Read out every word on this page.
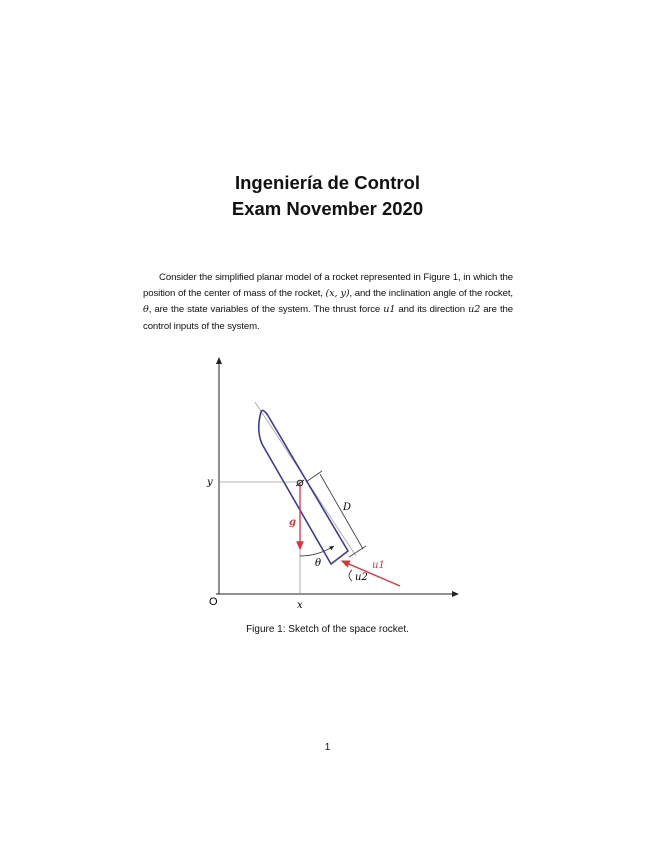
Ingeniería de Control
Exam November 2020
Consider the simplified planar model of a rocket represented in Figure 1, in which the position of the center of mass of the rocket, (x, y), and the inclination angle of the rocket, θ, are the state variables of the system. The thrust force u1 and its direction u2 are the control inputs of the system.
y
x
O
D
g
θ	u1
u2
Figure 1: Sketch of the space rocket.
1
